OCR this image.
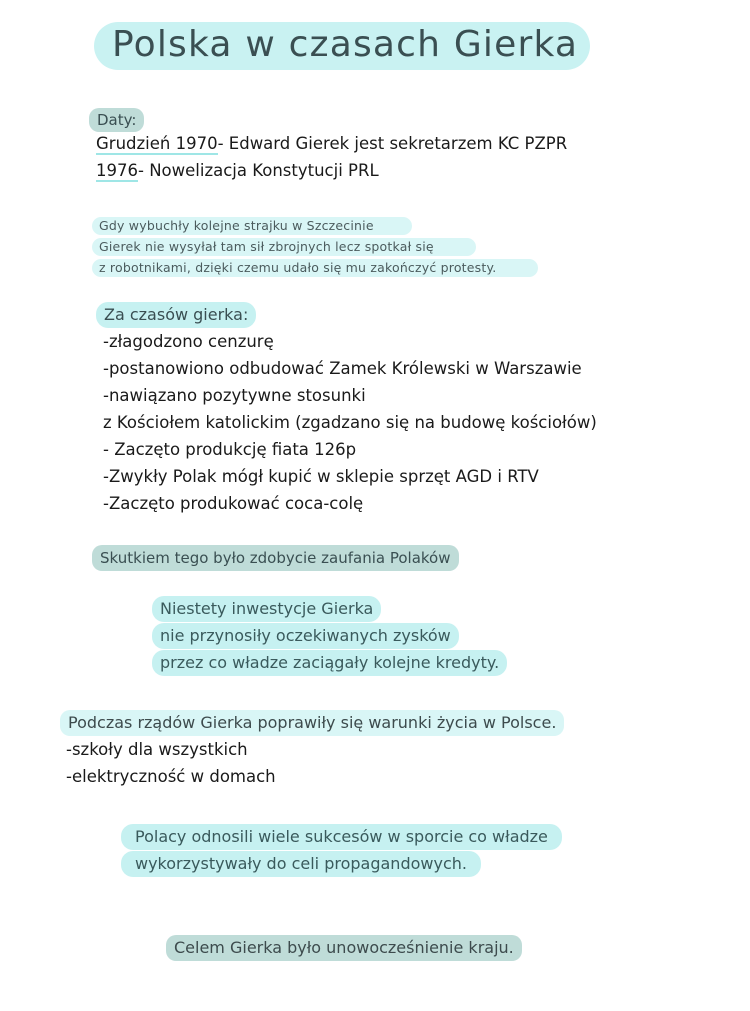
Polska w czasach Gierka
Daty:
Grudzień 1970- Edward Gierek jest sekretarzem KC PZPR
1976- Nowelizacja Konstytucji PRL
Gdy wybuchły kolejne strajku w Szczecinie
Gierek nie wysyłał tam sił zbrojnych lecz spotkał się
z robotnikami, dzięki czemu udało się mu zakończyć protesty.
Za czasów gierka:
-złagodzono cenzurę
-postanowiono odbudować Zamek Królewski w Warszawie
-nawiązano pozytywne stosunki
z Kościołem katolickim (zgadzano się na budowę kościołów)
- Zaczęto produkcję fiata 126p
-Zwykły Polak mógł kupić w sklepie sprzęt AGD i RTV
-Zaczęto produkować coca-colę
Skutkiem tego było zdobycie zaufania Polaków
Niestety inwestycje Gierka
nie przynosiły oczekiwanych zysków
przez co władze zaciągały kolejne kredyty.
Podczas rządów Gierka poprawiły się warunki życia w Polsce.
-szkoły dla wszystkich
-elektryczność w domach
Polacy odnosili wiele sukcesów w sporcie co władze
wykorzystywały do celi propagandowych.
Celem Gierka było unowocześnienie kraju.
